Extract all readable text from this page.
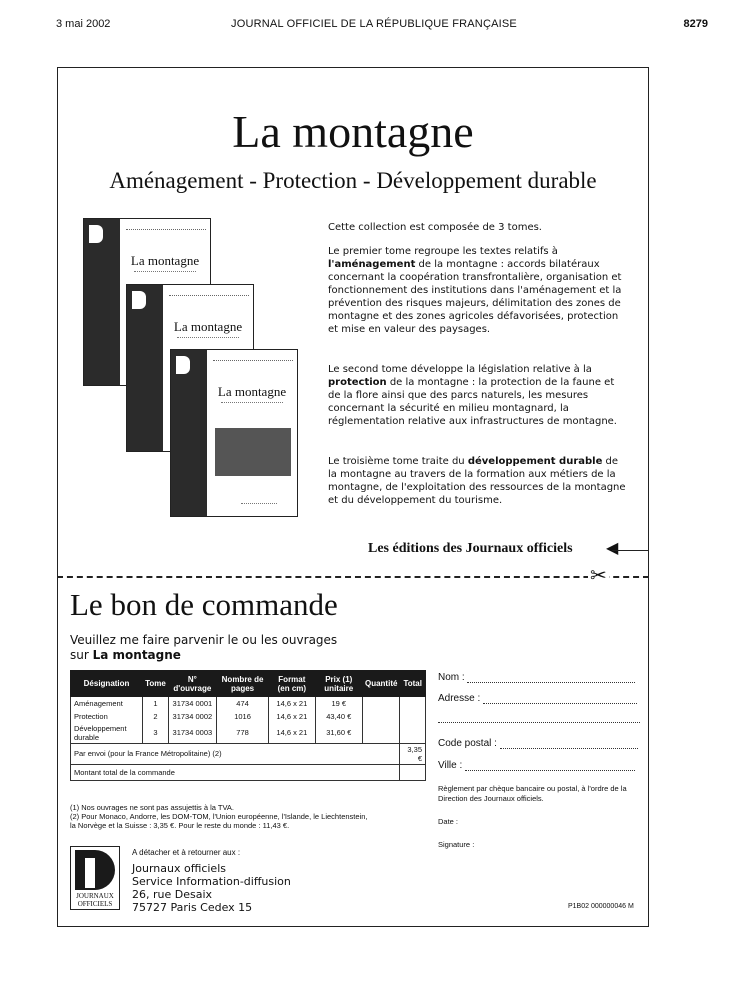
3 mai 2002	JOURNAL OFFICIEL DE LA RÉPUBLIQUE FRANÇAISE	8279
La montagne
Aménagement - Protection - Développement durable
La montagne
La montagne
La montagne
Cette collection est composée de 3 tomes.
Le premier tome regroupe les textes relatifs à l'aménagement de la montagne : accords bilatéraux concernant la coopération transfrontalière, organisation et fonctionnement des institutions dans l'aménagement et la prévention des risques majeurs, délimitation des zones de montagne et des zones agricoles défavorisées, protection et mise en valeur des paysages.
Le second tome développe la législation relative à la protection de la montagne : la protection de la faune et de la flore ainsi que des parcs naturels, les mesures concernant la sécurité en milieu montagnard, la réglementation relative aux infrastructures de montagne.
Le troisième tome traite du développement durable de la montagne au travers de la formation aux métiers de la montagne, de l'exploitation des ressources de la montagne et du développement du tourisme.
Les éditions des Journaux officiels ◀
✂
Le bon de commande
Veuillez me faire parvenir le ou les ouvrages
sur La montagne
Désignation	Tome	N° d'ouvrage	Nombre de pages	Format (en cm)	Prix (1) unitaire	Quantité	Total
Aménagement	1	31734 0001	474	14,6 x 21	19 €		
Protection	2	31734 0002	1016	14,6 x 21	43,40 €		
Développement durable	3	31734 0003	778	14,6 x 21	31,60 €		
Par envoi (pour la France Métropolitaine) (2)							3,35 €
Montant total de la commande							
(1) Nos ouvrages ne sont pas assujettis à la TVA.
(2) Pour Monaco, Andorre, les DOM-TOM, l'Union européenne, l'Islande, le Liechtenstein,
la Norvège et la Suisse : 3,35 €. Pour le reste du monde : 11,43 €.
JOURNAUX
OFFICIELS
A détacher et à retourner aux :
Journaux officiels
Service Information-diffusion
26, rue Desaix
75727 Paris Cedex 15
Nom :
Adresse :
Code postal :
Ville :
Règlement par chèque bancaire ou postal, à l'ordre de la Direction des Journaux officiels.
Date :
Signature :
P1B02 000000046 M
